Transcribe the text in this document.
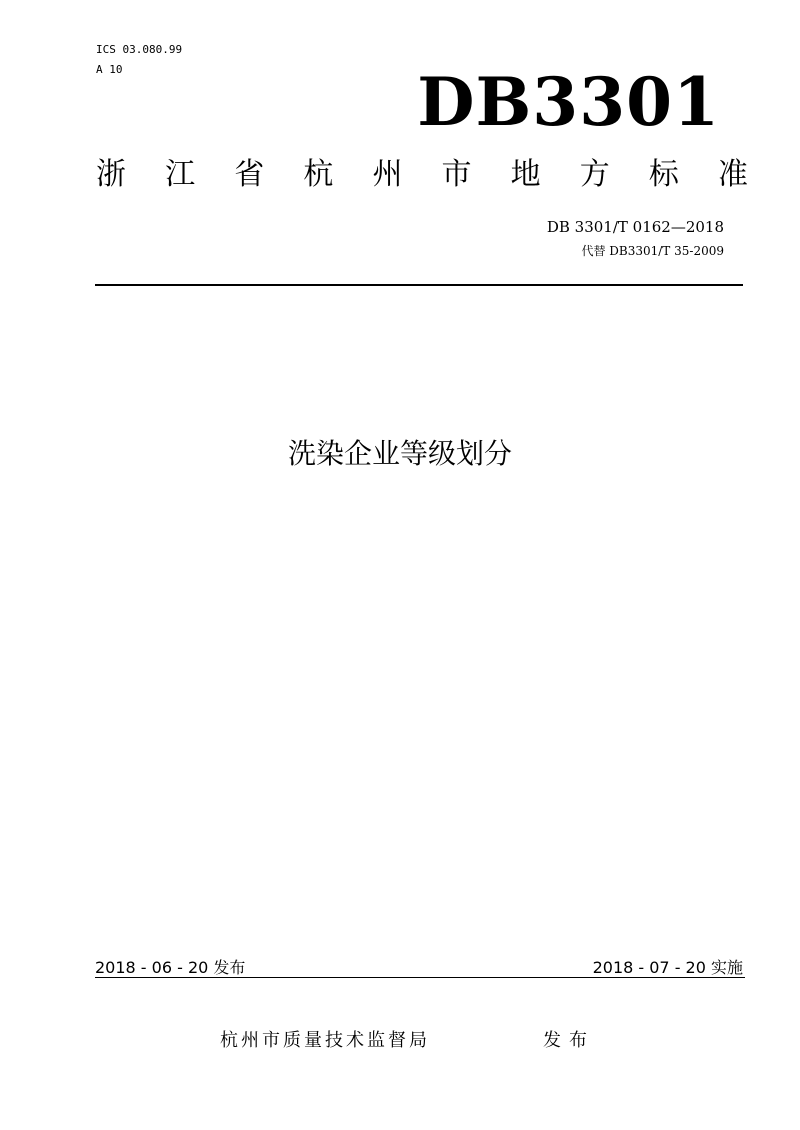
ICS 03.080.99
A 10	DB3301
浙 江 省 杭 州 市 地 方 标 准
DB 3301/T 0162—2018
代替 DB3301/T 35-2009
洗染企业等级划分
2018 - 06 - 20 发布	2018 - 07 - 20 实施
杭州市质量技术监督局	发布
